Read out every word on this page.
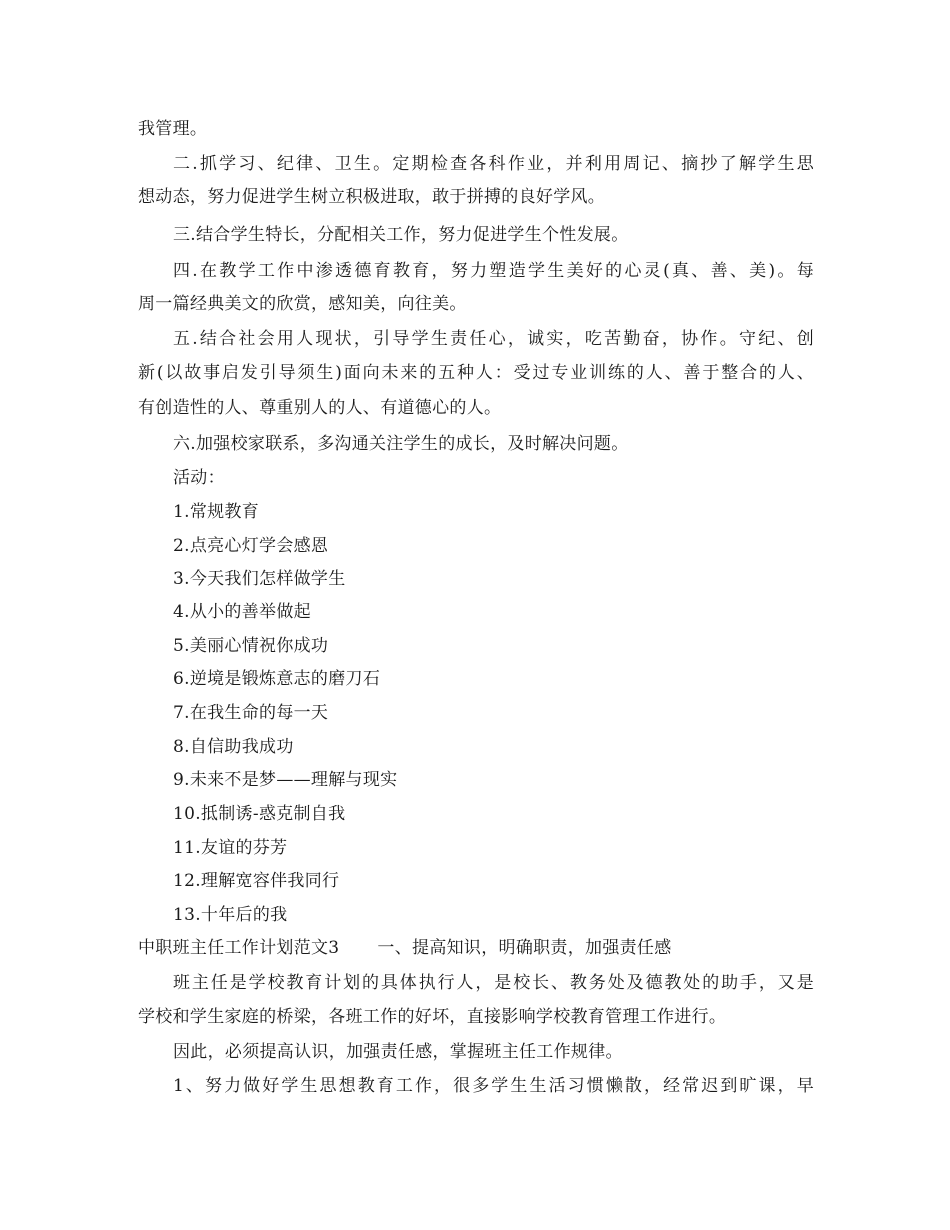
我管理。
二.抓学习、纪律、卫生。定期检查各科作业，并利用周记、摘抄了解学生思
想动态，努力促进学生树立积极进取，敢于拼搏的良好学风。
三.结合学生特长，分配相关工作，努力促进学生个性发展。
四.在教学工作中渗透德育教育，努力塑造学生美好的心灵(真、善、美)。每
周一篇经典美文的欣赏，感知美，向往美。
五.结合社会用人现状，引导学生责任心，诚实，吃苦勤奋，协作。守纪、创
新(以故事启发引导须生)面向未来的五种人：受过专业训练的人、善于整合的人、
有创造性的人、尊重别人的人、有道德心的人。
六.加强校家联系，多沟通关注学生的成长，及时解决问题。
活动：
1.常规教育
2.点亮心灯学会感恩
3.今天我们怎样做学生
4.从小的善举做起
5.美丽心情祝你成功
6.逆境是锻炼意志的磨刀石
7.在我生命的每一天
8.自信助我成功
9.未来不是梦——理解与现实
10.抵制诱-惑克制自我
11.友谊的芬芳
12.理解宽容伴我同行
13.十年后的我
中职班主任工作计划范文3 一、提高知识，明确职责，加强责任感
班主任是学校教育计划的具体执行人，是校长、教务处及德教处的助手，又是
学校和学生家庭的桥梁，各班工作的好坏，直接影响学校教育管理工作进行。
因此，必须提高认识，加强责任感，掌握班主任工作规律。
1、努力做好学生思想教育工作，很多学生生活习惯懒散，经常迟到旷课，早
